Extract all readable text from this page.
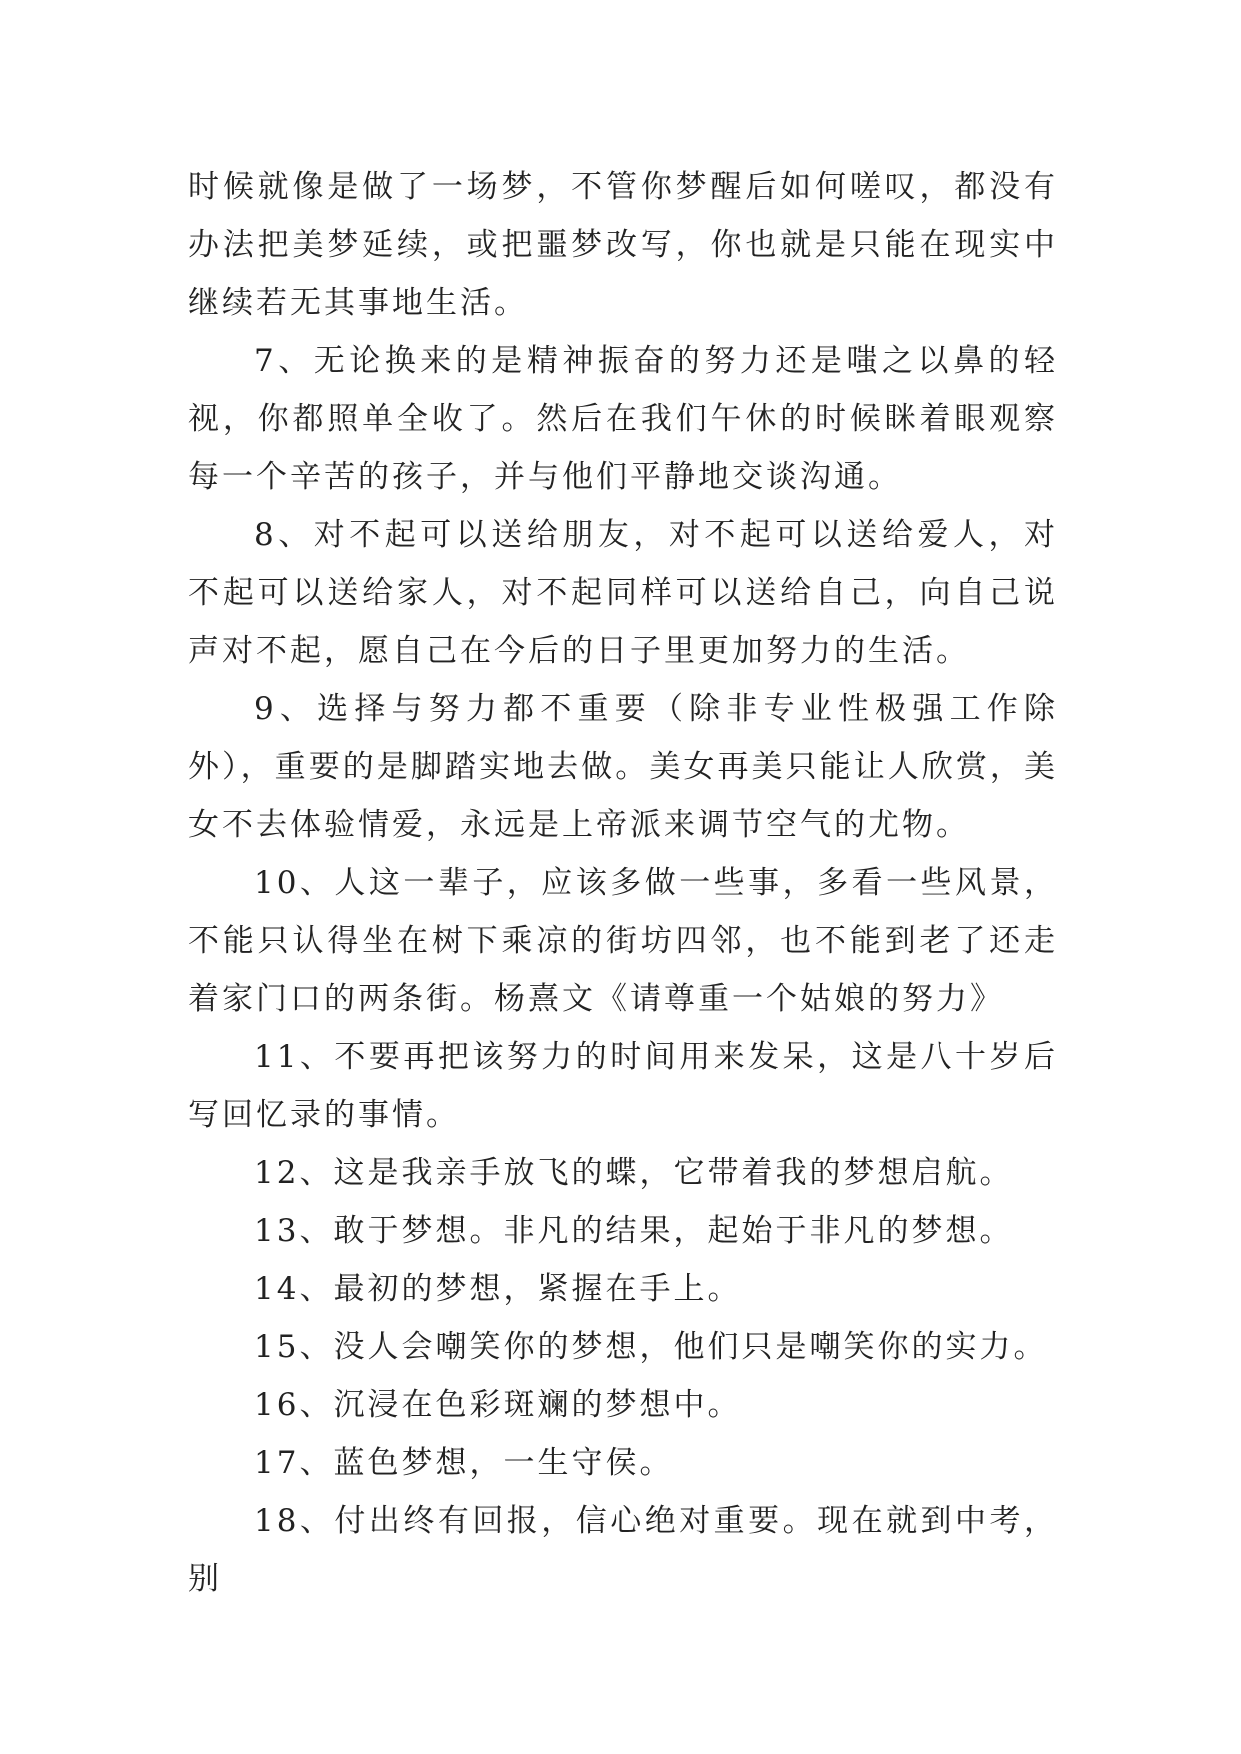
时候就像是做了一场梦，不管你梦醒后如何嗟叹，都没有办法把美梦延续，或把噩梦改写，你也就是只能在现实中继续若无其事地生活。

7、无论换来的是精神振奋的努力还是嗤之以鼻的轻视，你都照单全收了。然后在我们午休的时候眯着眼观察每一个辛苦的孩子，并与他们平静地交谈沟通。

8、对不起可以送给朋友，对不起可以送给爱人，对不起可以送给家人，对不起同样可以送给自己，向自己说声对不起，愿自己在今后的日子里更加努力的生活。

9、选择与努力都不重要（除非专业性极强工作除外），重要的是脚踏实地去做。美女再美只能让人欣赏，美女不去体验情爱，永远是上帝派来调节空气的尤物。

10、人这一辈子，应该多做一些事，多看一些风景，不能只认得坐在树下乘凉的街坊四邻，也不能到老了还走着家门口的两条街。杨熹文《请尊重一个姑娘的努力》

11、不要再把该努力的时间用来发呆，这是八十岁后写回忆录的事情。

12、这是我亲手放飞的蝶，它带着我的梦想启航。

13、敢于梦想。非凡的结果，起始于非凡的梦想。

14、最初的梦想，紧握在手上。

15、没人会嘲笑你的梦想，他们只是嘲笑你的实力。

16、沉浸在色彩斑斓的梦想中。

17、蓝色梦想，一生守侯。

18、付出终有回报，信心绝对重要。现在就到中考，别
